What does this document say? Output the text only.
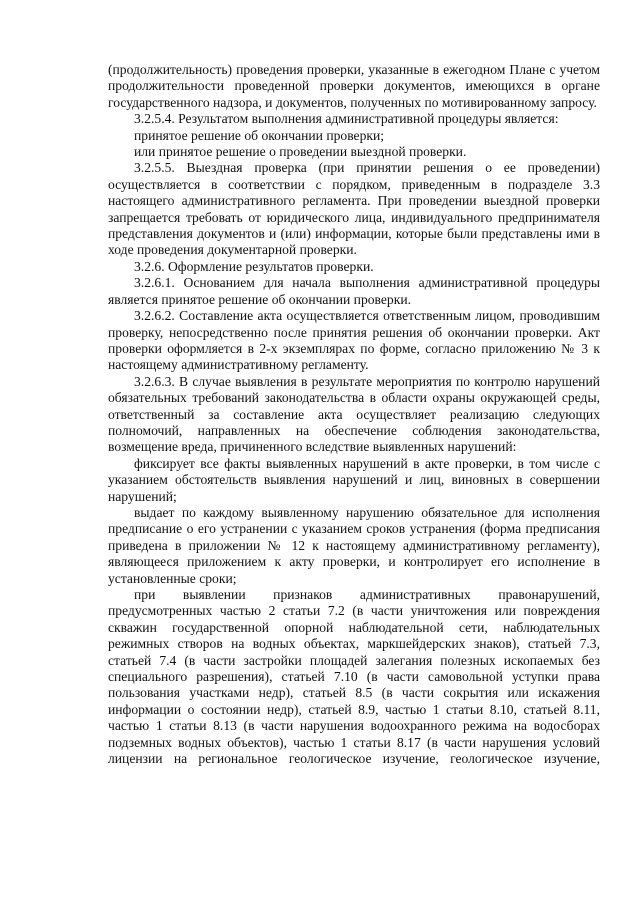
(продолжительность) проведения проверки, указанные в ежегодном Плане с учетом продолжительности проведенной проверки документов, имеющихся в органе государственного надзора, и документов, полученных по мотивированному запросу.

3.2.5.4. Результатом выполнения административной процедуры является:

принятое решение об окончании проверки;

или принятое решение о проведении выездной проверки.

3.2.5.5. Выездная проверка (при принятии решения о ее проведении) осуществляется в соответствии с порядком, приведенным в подразделе 3.3 настоящего административного регламента. При проведении выездной проверки запрещается требовать от юридического лица, индивидуального предпринимателя представления документов и (или) информации, которые были представлены ими в ходе проведения документарной проверки.

3.2.6. Оформление результатов проверки.

3.2.6.1. Основанием для начала выполнения административной процедуры является принятое решение об окончании проверки.

3.2.6.2. Составление акта осуществляется ответственным лицом, проводившим проверку, непосредственно после принятия решения об окончании проверки. Акт проверки оформляется в 2-х экземплярах по форме, согласно приложению № 3 к настоящему административному регламенту.

3.2.6.3. В случае выявления в результате мероприятия по контролю нарушений обязательных требований законодательства в области охраны окружающей среды, ответственный за составление акта осуществляет реализацию следующих полномочий, направленных на обеспечение соблюдения законодательства, возмещение вреда, причиненного вследствие выявленных нарушений:

фиксирует все факты выявленных нарушений в акте проверки, в том числе с указанием обстоятельств выявления нарушений и лиц, виновных в совершении нарушений;

выдает по каждому выявленному нарушению обязательное для исполнения предписание о его устранении с указанием сроков устранения (форма предписания приведена в приложении № 12 к настоящему административному регламенту), являющееся приложением к акту проверки, и контролирует его исполнение в установленные сроки;

при выявлении признаков административных правонарушений, предусмотренных частью 2 статьи 7.2 (в части уничтожения или повреждения скважин государственной опорной наблюдательной сети, наблюдательных режимных створов на водных объектах, маркшейдерских знаков), статьей 7.3, статьей 7.4 (в части застройки площадей залегания полезных ископаемых без специального разрешения), статьей 7.10 (в части самовольной уступки права пользования участками недр), статьей 8.5 (в части сокрытия или искажения информации о состоянии недр), статьей 8.9, частью 1 статьи 8.10, статьей 8.11, частью 1 статьи 8.13 (в части нарушения водоохранного режима на водосборах подземных водных объектов), частью 1 статьи 8.17 (в части нарушения условий лицензии на региональное геологическое изучение, геологическое изучение,
